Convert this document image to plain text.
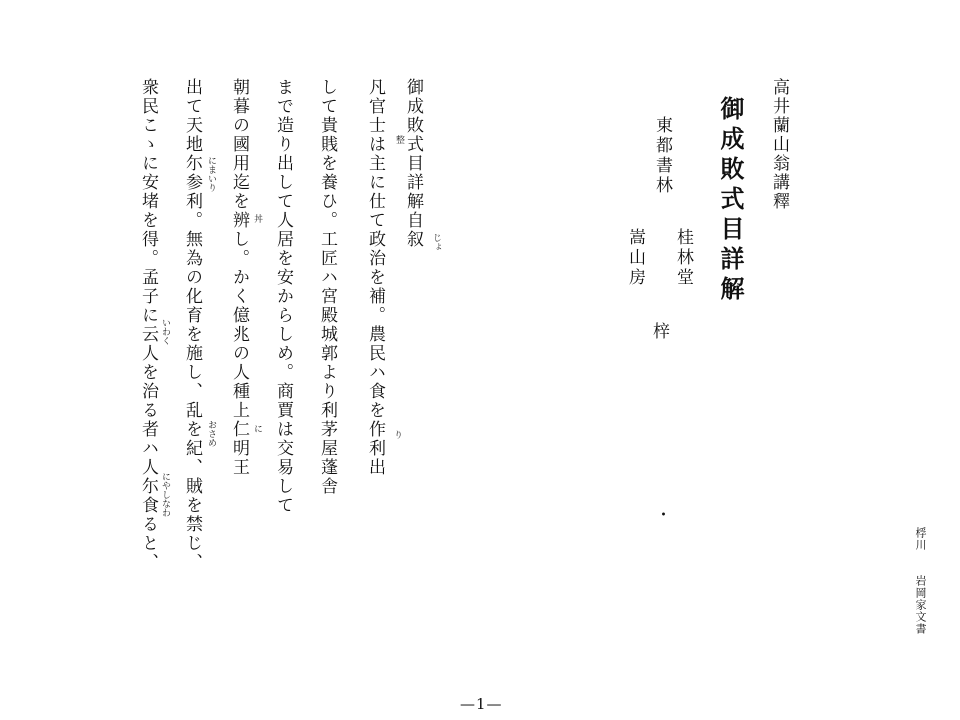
高井蘭山翁講釋
御成敗式目詳解
東都書林
桂林堂
嵩山房
梓
・
御成敗式目詳解自叙
凡官士は主に仕て政治を補。農民ハ食を作利出
して貴賎を養ひ。工匠ハ宮殿城郭より利茅屋蓬舎
まで造り出して人居を安からしめ。商賈は交易して
朝暮の國用迄を辨し。かく億兆の人種上仁明王
出て天地尓参利。無為の化育を施し、乱を紀、賊を禁じ、
衆民こゝに安堵を得。孟子に云人を治る者ハ人尓食ると、	じょ
整
り
丼
に
にまいり
おさめ
いわく
にやしなわ
桴川
岩岡家文書
—1—
